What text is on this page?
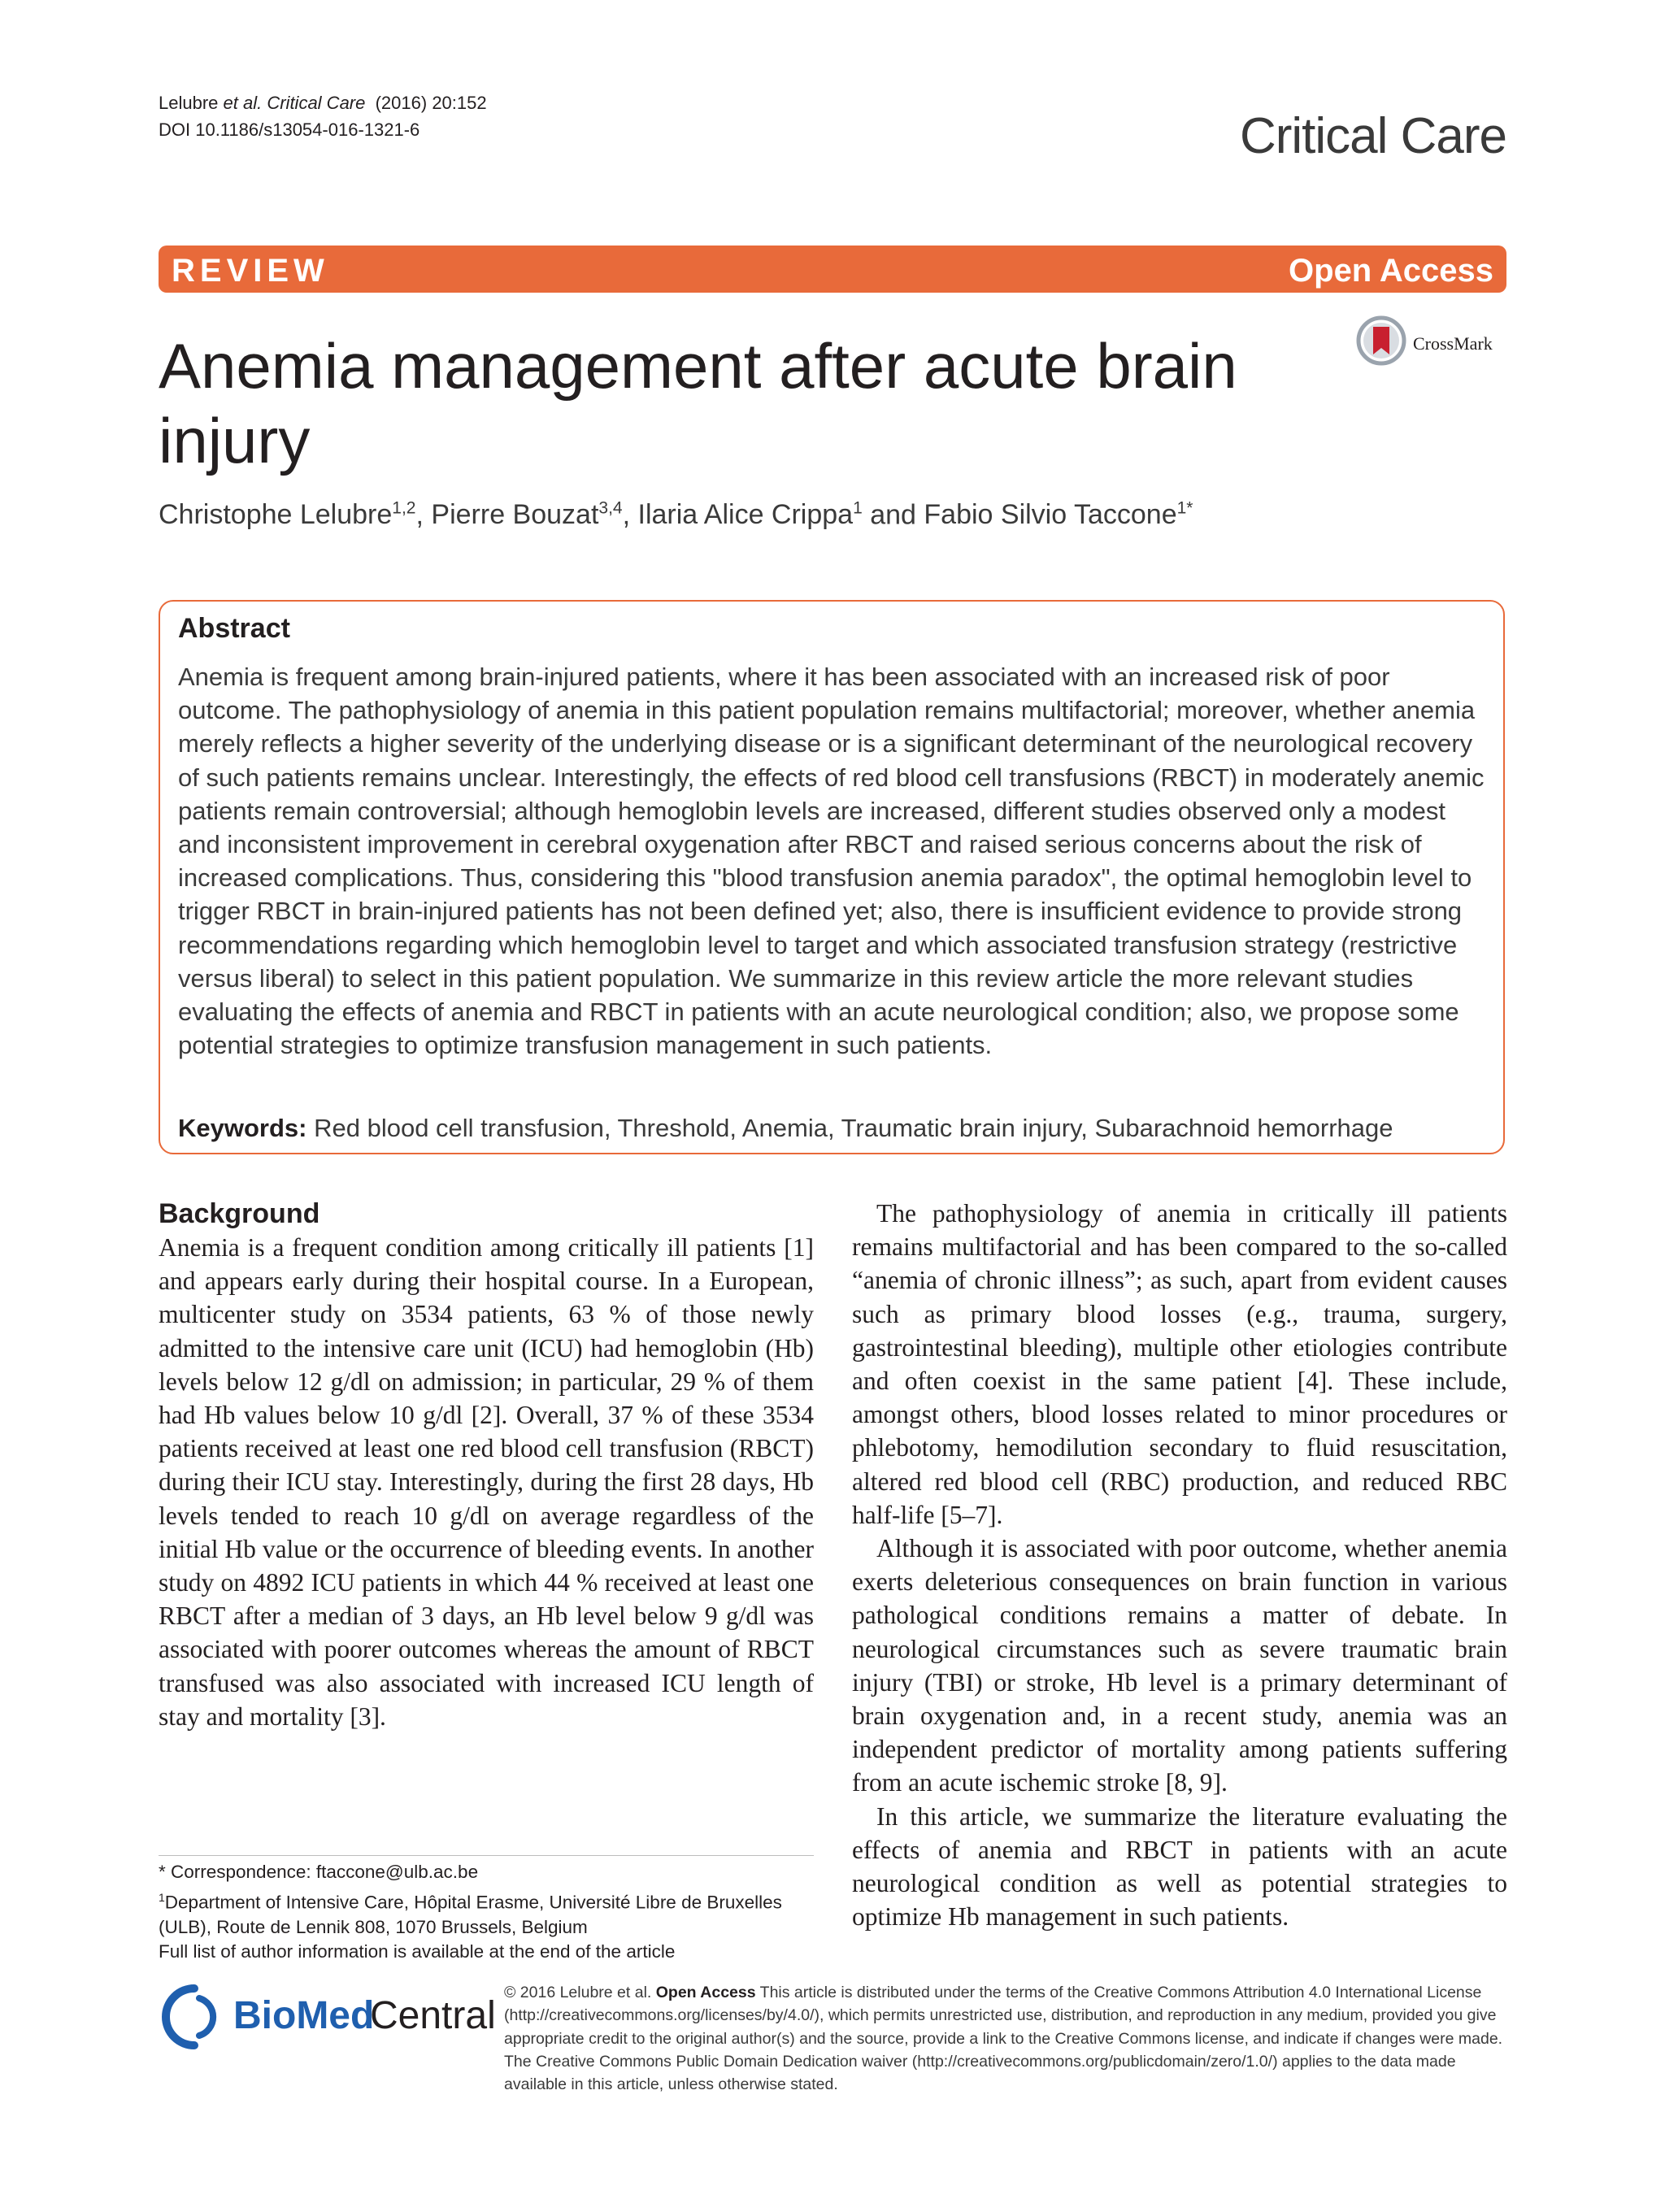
Lelubre et al. Critical Care (2016) 20:152
DOI 10.1186/s13054-016-1321-6	Critical Care
REVIEW	Open Access
CrossMark
Anemia management after acute brain injury
Christophe Lelubre$^{1,2}$, Pierre Bouzat$^{3,4}$, Ilaria Alice Crippa$^1$ and Fabio Silvio Taccone$^{1*}$
Abstract
Anemia is frequent among brain-injured patients, where it has been associated with an increased risk of poor outcome. The pathophysiology of anemia in this patient population remains multifactorial; moreover, whether anemia merely reflects a higher severity of the underlying disease or is a significant determinant of the neurological recovery of such patients remains unclear. Interestingly, the effects of red blood cell transfusions (RBCT) in moderately anemic patients remain controversial; although hemoglobin levels are increased, different studies observed only a modest and inconsistent improvement in cerebral oxygenation after RBCT and raised serious concerns about the risk of increased complications. Thus, considering this "blood transfusion anemia paradox", the optimal hemoglobin level to trigger RBCT in brain-injured patients has not been defined yet; also, there is insufficient evidence to provide strong recommendations regarding which hemoglobin level to target and which associated transfusion strategy (restrictive versus liberal) to select in this patient population. We summarize in this review article the more relevant studies evaluating the effects of anemia and RBCT in patients with an acute neurological condition; also, we propose some potential strategies to optimize transfusion management in such patients.
Keywords: Red blood cell transfusion, Threshold, Anemia, Traumatic brain injury, Subarachnoid hemorrhage
Background

Anemia is a frequent condition among critically ill patients [1] and appears early during their hospital course. In a European, multicenter study on 3534 patients, 63 % of those newly admitted to the intensive care unit (ICU) had hemoglobin (Hb) levels below 12 g/dl on admission; in particular, 29 % of them had Hb values below 10 g/dl [2]. Overall, 37 % of these 3534 patients received at least one red blood cell transfusion (RBCT) during their ICU stay. Interestingly, during the first 28 days, Hb levels tended to reach 10 g/dl on average regardless of the initial Hb value or the occurrence of bleeding events. In another study on 4892 ICU patients in which 44 % received at least one RBCT after a median of 3 days, an Hb level below 9 g/dl was associated with poorer outcomes whereas the amount of RBCT transfused was also associated with increased ICU length of stay and mortality [3].

The pathophysiology of anemia in critically ill patients remains multifactorial and has been compared to the so-called “anemia of chronic illness”; as such, apart from evident causes such as primary blood losses (e.g., trauma, surgery, gastrointestinal bleeding), multiple other etiologies contribute and often coexist in the same patient [4]. These include, amongst others, blood losses related to minor procedures or phlebotomy, hemodilution secondary to fluid resuscitation, altered red blood cell (RBC) production, and reduced RBC half-life [5–7].

Although it is associated with poor outcome, whether anemia exerts deleterious consequences on brain function in various pathological conditions remains a matter of debate. In neurological circumstances such as severe traumatic brain injury (TBI) or stroke, Hb level is a primary determinant of brain oxygenation and, in a recent study, anemia was an independent predictor of mortality among patients suffering from an acute ischemic stroke [8, 9].

In this article, we summarize the literature evaluating the effects of anemia and RBCT in patients with an acute neurological condition as well as potential strategies to optimize Hb management in such patients.

* Correspondence: ftaccone@ulb.ac.be
$^1$Department of Intensive Care, Hôpital Erasme, Université Libre de Bruxelles (ULB), Route de Lennik 808, 1070 Brussels, Belgium
Full list of author information is available at the end of the article
BioMed
Central
© 2016 Lelubre et al. Open Access This article is distributed under the terms of the Creative Commons Attribution 4.0 International License (http://creativecommons.org/licenses/by/4.0/), which permits unrestricted use, distribution, and reproduction in any medium, provided you give appropriate credit to the original author(s) and the source, provide a link to the Creative Commons license, and indicate if changes were made. The Creative Commons Public Domain Dedication waiver (http://creativecommons.org/publicdomain/zero/1.0/) applies to the data made available in this article, unless otherwise stated.
